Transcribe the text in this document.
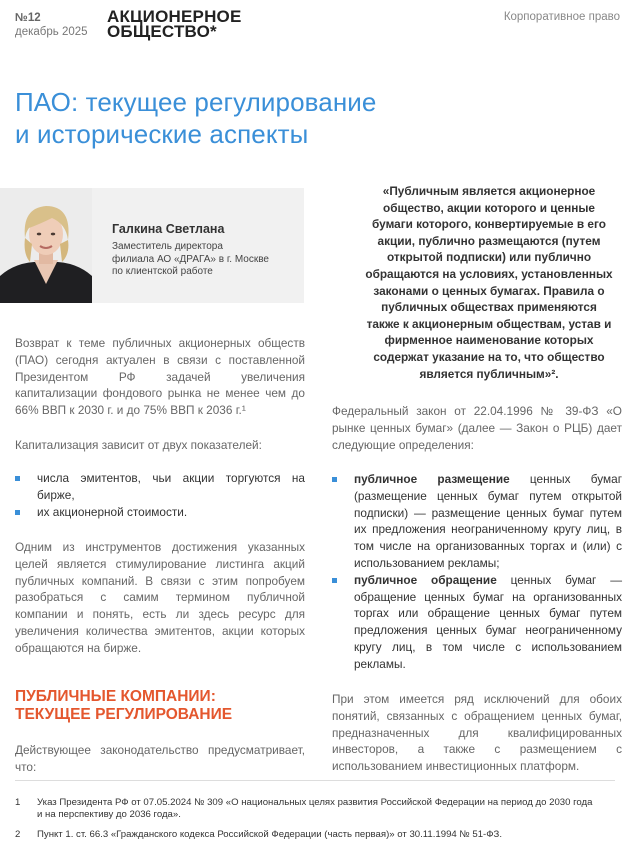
№12
декабрь 2025
АКЦИОНЕРНОЕ
ОБЩЕСТВО*
Корпоративное право
ПАО: текущее регулирование
и исторические аспекты
Галкина Светлана
Заместитель директора
филиала АО «ДРАГА» в г. Москве
по клиентской работе

Возврат к теме публичных акционерных обществ (ПАО) сегодня актуален в связи с поставленной Президентом РФ задачей увеличения капитализации фондового рынка не менее чем до 66% ВВП к 2030 г. и до 75% ВВП к 2036 г.¹

Капитализация зависит от двух показателей:

числа эмитентов, чьи акции торгуются на бирже,
их акционерной стоимости.

Одним из инструментов достижения указанных целей является стимулирование листинга акций публичных компаний. В связи с этим попробуем разобраться с самим термином публичной компании и понять, есть ли здесь ресурс для увеличения количества эмитентов, акции которых обращаются на бирже.

ПУБЛИЧНЫЕ КОМПАНИИ:
ТЕКУЩЕЕ РЕГУЛИРОВАНИЕ

Действующее законодательство предусматривает, что:

«Публичным является акционерное общество, акции которого и ценные бумаги которого, конвертируемые в его акции, публично размещаются (путем открытой подписки) или публично обращаются на условиях, установленных законами о ценных бумагах. Правила о публичных обществах применяются также к акционерным обществам, устав и фирменное наименование которых содержат указание на то, что общество является публичным»².

Федеральный закон от 22.04.1996 № 39-ФЗ «О рынке ценных бумаг» (далее — Закон о РЦБ) дает следующие определения:

публичное размещение ценных бумаг (размещение ценных бумаг путем открытой подписки) — размещение ценных бумаг путем их предложения неограниченному кругу лиц, в том числе на организованных торгах и (или) с использованием рекламы;
публичное обращение ценных бумаг — обращение ценных бумаг на организованных торгах или обращение ценных бумаг путем предложения ценных бумаг неограниченному кругу лиц, в том числе с использованием рекламы.

При этом имеется ряд исключений для обоих понятий, связанных с обращением ценных бумаг, предназначенных для квалифицированных инвесторов, а также с размещением с использованием инвестиционных платформ.

1 Указ Президента РФ от 07.05.2024 № 309 «О национальных целях развития Российской Федерации на период до 2030 года и на перспективу до 2036 года».
2 Пункт 1. ст. 66.3 «Гражданского кодекса Российской Федерации (часть первая)» от 30.11.1994 № 51-ФЗ.
